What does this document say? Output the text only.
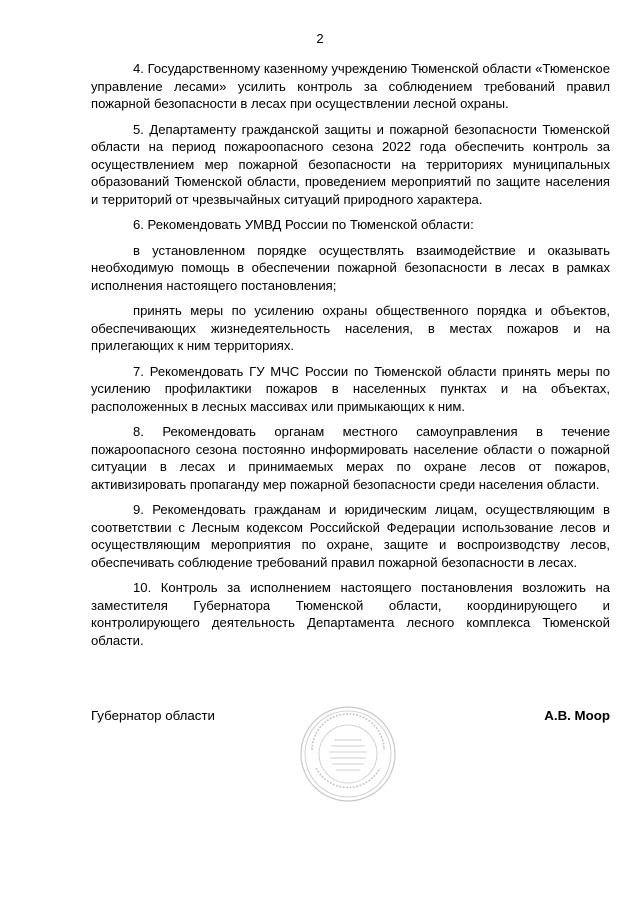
2

4. Государственному казенному учреждению Тюменской области «Тюменское управление лесами» усилить контроль за соблюдением требований правил пожарной безопасности в лесах при осуществлении лесной охраны.

5. Департаменту гражданской защиты и пожарной безопасности Тюменской области на период пожароопасного сезона 2022 года обеспечить контроль за осуществлением мер пожарной безопасности на территориях муниципальных образований Тюменской области, проведением мероприятий по защите населения и территорий от чрезвычайных ситуаций природного характера.

6. Рекомендовать УМВД России по Тюменской области:

в установленном порядке осуществлять взаимодействие и оказывать необходимую помощь в обеспечении пожарной безопасности в лесах в рамках исполнения настоящего постановления;

принять меры по усилению охраны общественного порядка и объектов, обеспечивающих жизнедеятельность населения, в местах пожаров и на прилегающих к ним территориях.

7. Рекомендовать ГУ МЧС России по Тюменской области принять меры по усилению профилактики пожаров в населенных пунктах и на объектах, расположенных в лесных массивах или примыкающих к ним.

8. Рекомендовать органам местного самоуправления в течение пожароопасного сезона постоянно информировать население области о пожарной ситуации в лесах и принимаемых мерах по охране лесов от пожаров, активизировать пропаганду мер пожарной безопасности среди населения области.

9. Рекомендовать гражданам и юридическим лицам, осуществляющим в соответствии с Лесным кодексом Российской Федерации использование лесов и осуществляющим мероприятия по охране, защите и воспроизводству лесов, обеспечивать соблюдение требований правил пожарной безопасности в лесах.

10. Контроль за исполнением настоящего постановления возложить на заместителя Губернатора Тюменской области, координирующего и контролирующего деятельность Департамента лесного комплекса Тюменской области.

Губернатор области	А.В. Моор
